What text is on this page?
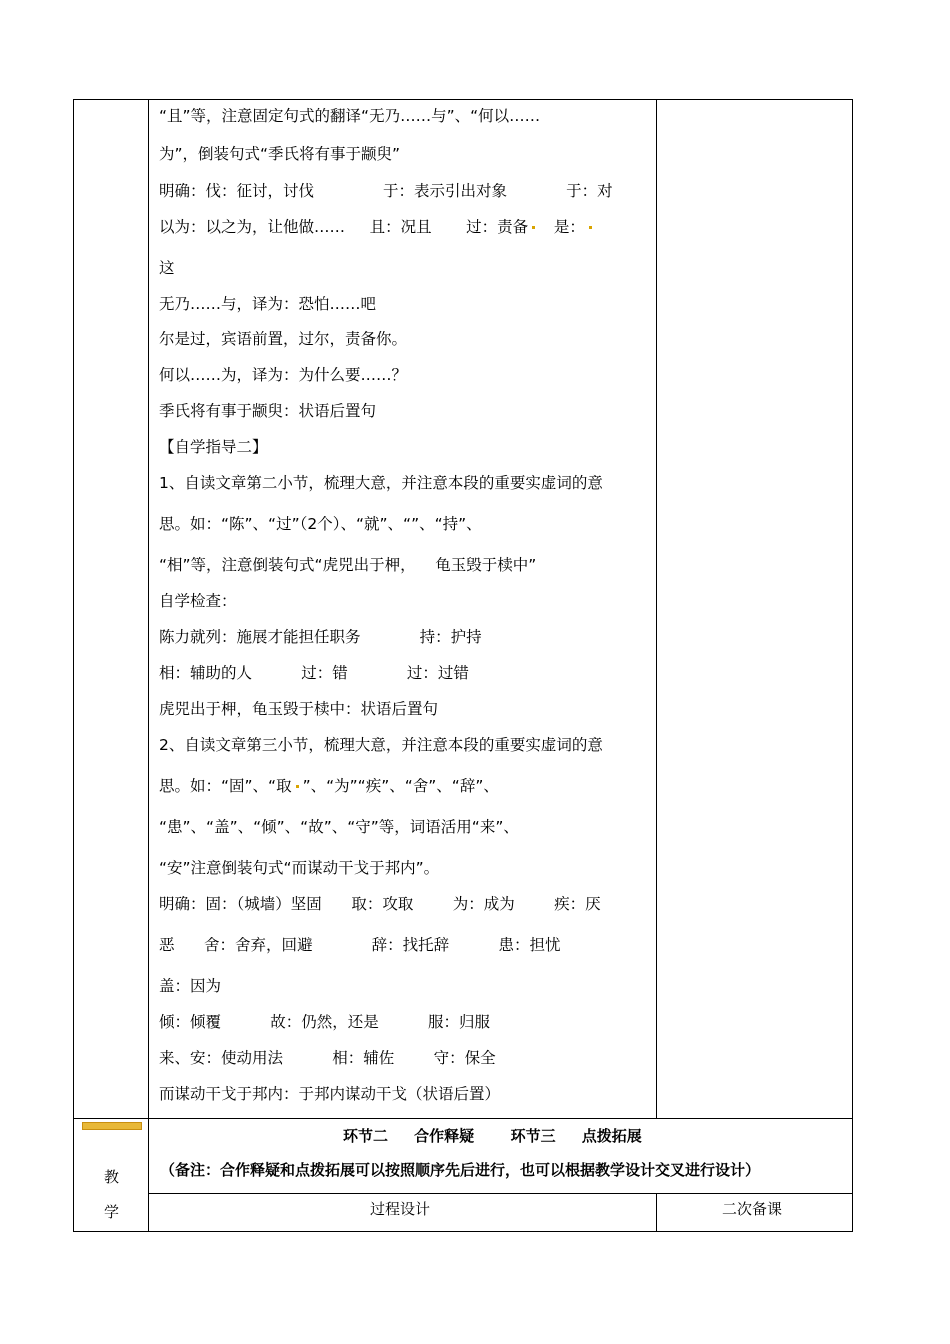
“且”等，注意固定句式的翻译“无乃……与”、“何以……
为”，倒装句式“季氏将有事于颛臾”
明确：伐：征讨，讨伐              于：表示引出对象            于：对
以为：以之为，让他做……     且：况且       过：责备 是：
这
无乃……与，译为：恐怕……吧
尔是过，宾语前置，过尔，责备你。
何以……为，译为：为什么要……？
季氏将有事于颛臾：状语后置句
【自学指导二】
1、自读文章第二小节，梳理大意，并注意本段的重要实虚词的意
思。如：“陈”、“过”（2个）、“就”、“”、“持”、
“相”等，注意倒装句式“虎兕出于柙，    龟玉毁于椟中”
自学检查：
陈力就列：施展才能担任职务            持：护持
相：辅助的人          过：错            过：过错
虎兕出于柙，龟玉毁于椟中：状语后置句
2、自读文章第三小节，梳理大意，并注意本段的重要实虚词的意
思。如：“固”、“取 ”、“为”“疾”、“舍”、“辞”、
“患”、“盖”、“倾”、“故”、“守”等，词语活用“来”、
“安”注意倒装句式“而谋动干戈于邦内”。
明确：固：（城墙）坚固      取：攻取        为：成为        疾：厌
恶      舍：舍弃，回避            辞：找托辞          患：担忧
盖：因为
倾：倾覆          故：仍然，还是          服：归服
来、安：使动用法          相：辅佐        守：保全
而谋动干戈于邦内：于邦内谋动干戈（状语后置）
环节二     合作释疑       环节三     点拨拓展
（备注：合作释疑和点拨拓展可以按照顺序先后进行，也可以根据教学设计交叉进行设计）
过程设计	二次备课
教
学
